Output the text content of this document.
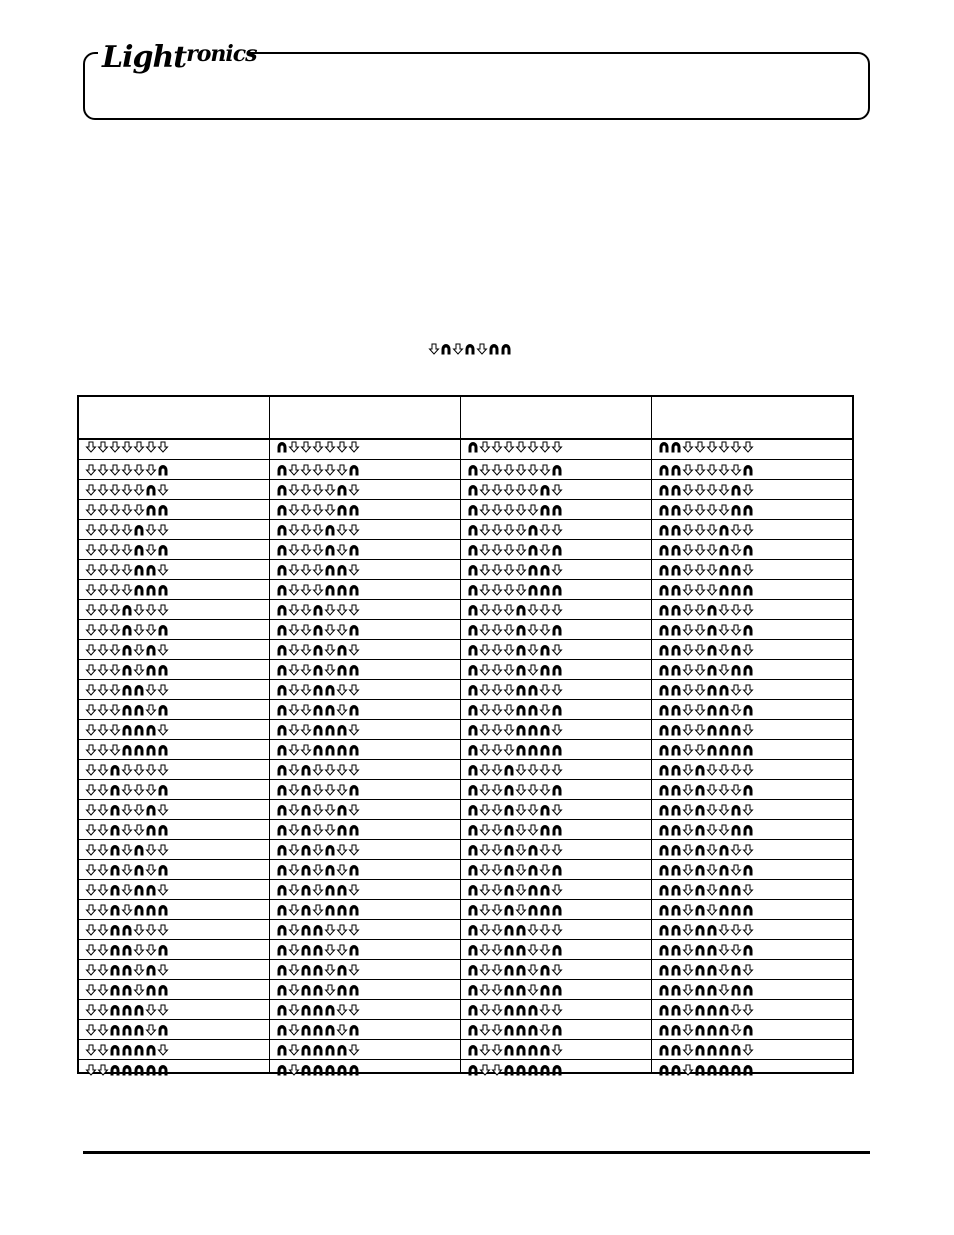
Light$^{ronics}$
